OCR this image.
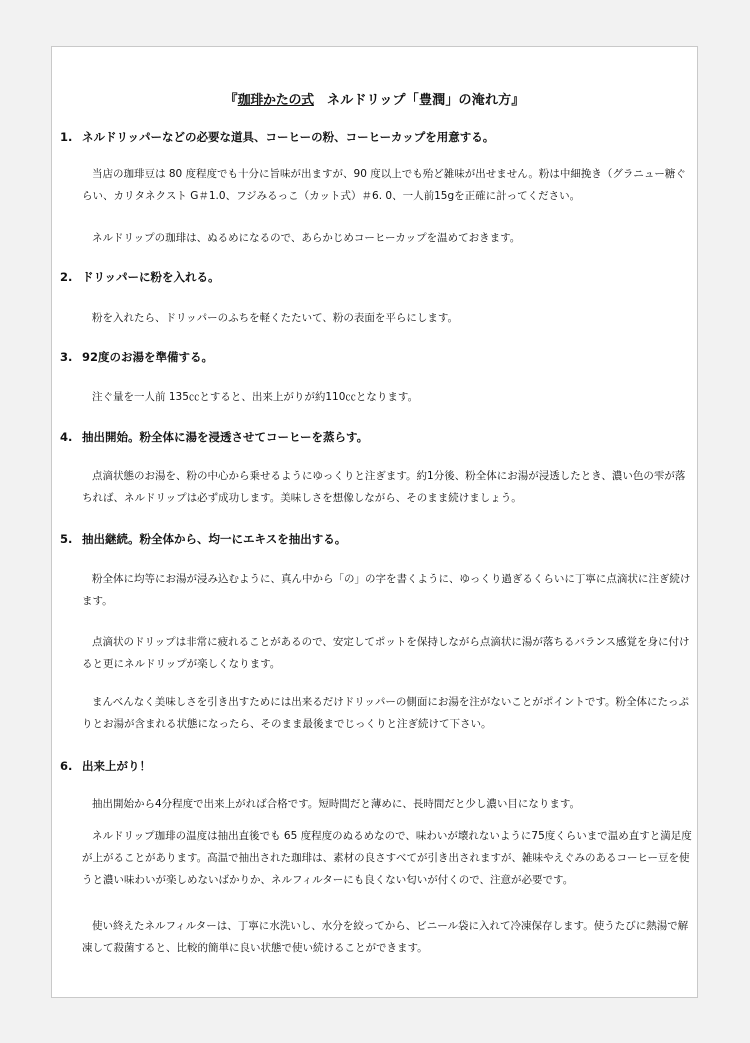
『珈琲かたの式　ネルドリップ「豊潤」の淹れ方』
1. ネルドリッパーなどの必要な道具、コーヒーの粉、コーヒーカップを用意する。
当店の珈琲豆は 80 度程度でも十分に旨味が出ますが、90 度以上でも殆ど雑味が出せません。粉は中細挽き（グラニュー糖ぐらい、カリタネクスト G＃1.0、フジみるっこ（カット式）＃6. 0、一人前15gを正確に計ってください。
ネルドリップの珈琲は、ぬるめになるので、あらかじめコーヒーカップを温めておきます。
2. ドリッパーに粉を入れる。
粉を入れたら、ドリッパーのふちを軽くたたいて、粉の表面を平らにします。
3. 92度のお湯を準備する。
注ぐ量を一人前 135㏄とすると、出来上がりが約110㏄となります。
4. 抽出開始。粉全体に湯を浸透させてコーヒーを蒸らす。
点滴状態のお湯を、粉の中心から乗せるようにゆっくりと注ぎます。約1分後、粉全体にお湯が浸透したとき、濃い色の雫が落ちれば、ネルドリップは必ず成功します。美味しさを想像しながら、そのまま続けましょう。
5. 抽出継続。粉全体から、均一にエキスを抽出する。
粉全体に均等にお湯が浸み込むように、真ん中から「の」の字を書くように、ゆっくり過ぎるくらいに丁寧に点滴状に注ぎ続けます。
点滴状のドリップは非常に疲れることがあるので、安定してポットを保持しながら点滴状に湯が落ちるバランス感覚を身に付けると更にネルドリップが楽しくなります。
まんべんなく美味しさを引き出すためには出来るだけドリッパーの側面にお湯を注がないことがポイントです。粉全体にたっぷりとお湯が含まれる状態になったら、そのまま最後までじっくりと注ぎ続けて下さい。
6. 出来上がり！
抽出開始から4分程度で出来上がれば合格です。短時間だと薄めに、長時間だと少し濃い目になります。
ネルドリップ珈琲の温度は抽出直後でも 65 度程度のぬるめなので、味わいが壊れないように75度くらいまで温め直すと満足度が上がることがあります。高温で抽出された珈琲は、素材の良さすべてが引き出されますが、雑味やえぐみのあるコーヒー豆を使うと濃い味わいが楽しめないばかりか、ネルフィルターにも良くない匂いが付くので、注意が必要です。
使い終えたネルフィルターは、丁寧に水洗いし、水分を絞ってから、ビニール袋に入れて冷凍保存します。使うたびに熱湯で解凍して殺菌すると、比較的簡単に良い状態で使い続けることができます。
